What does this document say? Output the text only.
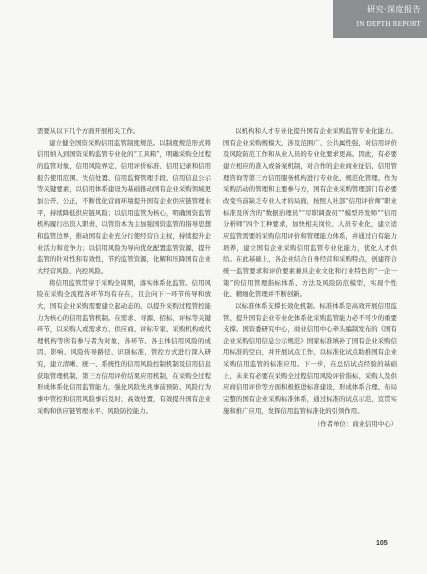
研究·深度报告
IN DEPTH REPORT

需要从以下几个方面开展相关工作。

建立健全国资采购信用监管制度规范。以制度规范形式将信用纳入到国资采购监管专业化的“工具箱”，明确采购全过程的监管对象、信用风险界定、信用评价标准、信用记录和信用报告使用范围、失信处置、信用监督管理手段、信用信息公示等关键要素，以信用体系建设为基础推动国有企业采购领域更加公开、公正，不断优化营商环境提升国有企业供应链管理水平，持续降低供应链风险；以信用监管为核心，明确国资监管机构履行出资人职责、以管资本为主加强国资监管的指导思想和监管边界，推动国有企业充分行使经营自主权，持续提升企业活力和竞争力；以信用风险为导向优化配置监管资源，提升监管的针对性和有效性，节约监管资源，化解和压降国有企业大经营风险、内控风险。

将信用监管贯穿于采购全周期，落实体系化监管。信用风险在采购全流程各环节均有存在，且会向下一环节传导和放大，国有企业采购需要建立起动态的、以提升采购过程管控能力为核心的信用监管机制。在需求、寻源、招标、评标等关键环节，以采购人或需求方、供应商、评标专家、采购机构或代理机构等所有参与者为对象，各环节、各主体信用风险的成因、影响、风险传导路径、识别标准、管控方式进行深入研究，建立清晰、统一、系统性的信用风险控制机制及信用信息获取管理机制，第三方信用评价结果应用机制，在采购全过程形成体系化信用监管能力，强化风险先兆事前预防、风险行为事中管控和信用风险事后及时、高效处置，有效提升国有企业采购和供应链管理水平、风险防控能力。

以机构和人才专业化提升国有企业采购监管专业化能力。国有企业采购规模大、涉及范围广、公共属性强，对信用评价及风险防范工作和从业人员的专业化要求更高。因此，有必要建立相应的准入或备案机制，对合作的企业商业征信、信用管理咨询等第三方信用服务机构进行专业化、规范化管理。作为采购活动的管理和主要参与方，国有企业采购管理部门有必要改变当前缺乏专业人才的局面，按照人社部“信用评价师”职业标准及所含的“数据治理员”“尽职调查员”“模型开发师”“信用分析师”四个工种要求，加快相关岗位、人员专业化，建立适应监管需要的采购信用评价和管理能力体系，并通过自有能力培养，建立国有企业采购信用监管专业化能力，优化人才供给。在此基础上，各企业结合自身经营和采购特点，创建符合统一监管要求和评价要素兼具企业文化和行业特色的“一企一策”的信用管理指标体系、方法及风险防范模型，实现个性化、精细化管理并不断创新。

以标准体系支撑长效化机制。标准体系是高效开展信用监管、提升国有企业专业化体系化采购监管能力必不可少的重要支撑。国资委研究中心，商业信用中心牵头编制发布的《国有企业采购信用信息公示规范》国家标准填补了国有企业采购信用标准的空白，并开展试点工作，以标准化试点助推国有企业采购信用监管的标准应用。下一步，在总结试点经验的基础上，未来有必要在采购全过程信用风险评价指标、采购人及供应商信用评价等方面积极推进标准建设，形成体系合理、布局完整的国有企业采购标准体系，通过标准的试点示范、宣贯实施和推广应用，发挥信用监管标准化的引领作用。

（作者单位：商业信用中心）

105
